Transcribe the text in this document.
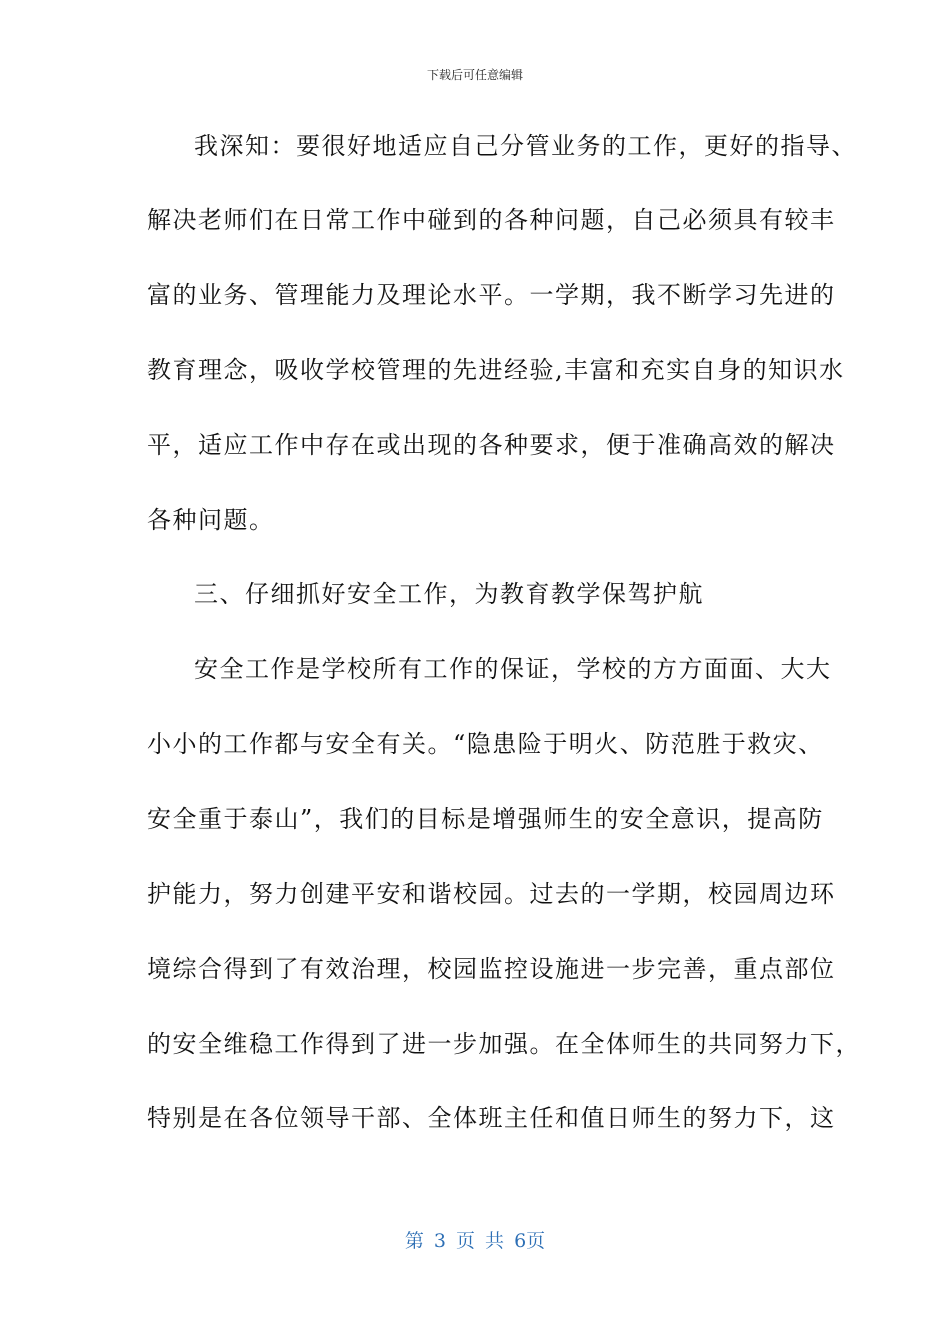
下载后可任意编辑
我深知：要很好地适应自己分管业务的工作，更好的指导、
解决老师们在日常工作中碰到的各种问题，自己必须具有较丰
富的业务、管理能力及理论水平。一学期，我不断学习先进的
教育理念，吸收学校管理的先进经验,丰富和充实自身的知识水
平，适应工作中存在或出现的各种要求，便于准确高效的解决
各种问题。
三、仔细抓好安全工作，为教育教学保驾护航
安全工作是学校所有工作的保证，学校的方方面面、大大
小小的工作都与安全有关。“隐患险于明火、防范胜于救灾、
安全重于泰山”，我们的目标是增强师生的安全意识，提高防
护能力，努力创建平安和谐校园。过去的一学期，校园周边环
境综合得到了有效治理，校园监控设施进一步完善，重点部位
的安全维稳工作得到了进一步加强。在全体师生的共同努力下，
特别是在各位领导干部、全体班主任和值日师生的努力下，这
第 3 页 共 6页
